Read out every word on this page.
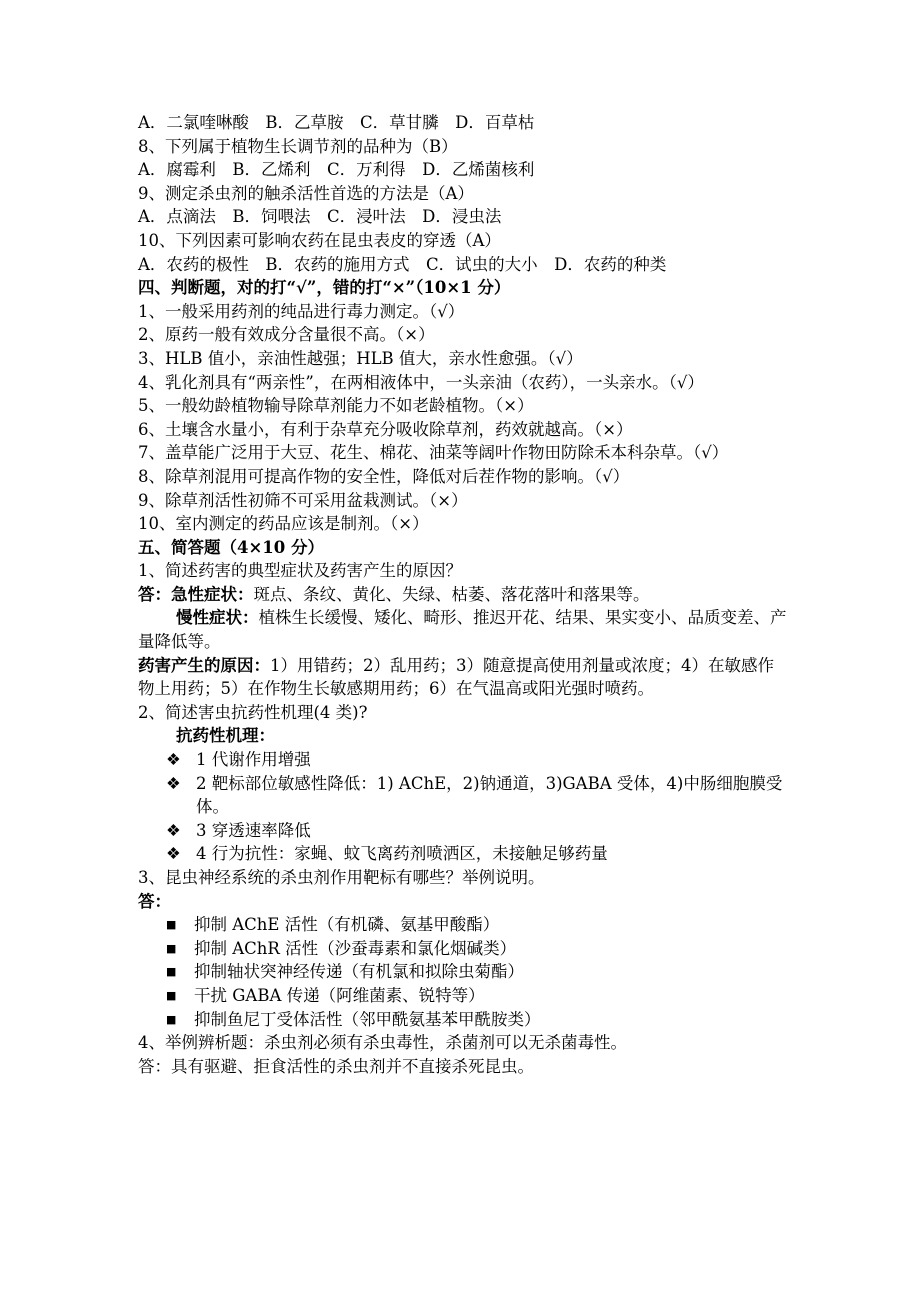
A．二氯喹啉酸　B．乙草胺　C．草甘膦　D．百草枯
8、下列属于植物生长调节剂的品种为（B）
A．腐霉利　B．乙烯利　C．万利得　D．乙烯菌核利
9、测定杀虫剂的触杀活性首选的方法是（A）
A．点滴法　B．饲喂法　C．浸叶法　D．浸虫法
10、下列因素可影响农药在昆虫表皮的穿透（A）
A．农药的极性　B．农药的施用方式　C．试虫的大小　D．农药的种类
四、判断题，对的打“√”，错的打“×”（10×1 分）
1、一般采用药剂的纯品进行毒力测定。（√）
2、原药一般有效成分含量很不高。（×）
3、HLB 值小，亲油性越强；HLB 值大，亲水性愈强。（√）
4、乳化剂具有“两亲性”，在两相液体中，一头亲油（农药），一头亲水。（√）
5、一般幼龄植物输导除草剂能力不如老龄植物。（×）
6、土壤含水量小，有利于杂草充分吸收除草剂，药效就越高。（×）
7、盖草能广泛用于大豆、花生、棉花、油菜等阔叶作物田防除禾本科杂草。（√）
8、除草剂混用可提高作物的安全性，降低对后茬作物的影响。（√）
9、除草剂活性初筛不可采用盆栽测试。（×）
10、室内测定的药品应该是制剂。（×）
五、简答题（4×10 分）
1、简述药害的典型症状及药害产生的原因？
答：急性症状：斑点、条纹、黄化、失绿、枯萎、落花落叶和落果等。
慢性症状：植株生长缓慢、矮化、畸形、推迟开花、结果、果实变小、品质变差、产量降低等。
药害产生的原因：1）用错药；2）乱用药；3）随意提高使用剂量或浓度；4）在敏感作物上用药；5）在作物生长敏感期用药；6）在气温高或阳光强时喷药。
2、简述害虫抗药性机理(4 类)?
抗药性机理：
❖ 1 代谢作用增强
❖ 2 靶标部位敏感性降低：1) AChE，2)钠通道，3)GABA 受体，4)中肠细胞膜受体。
❖ 3 穿透速率降低
❖ 4 行为抗性：家蝇、蚊飞离药剂喷洒区，未接触足够药量
3、昆虫神经系统的杀虫剂作用靶标有哪些？举例说明。
答：
■	抑制 AChE 活性（有机磷、氨基甲酸酯）
■	抑制 AChR 活性（沙蚕毒素和氯化烟碱类）
■	抑制轴状突神经传递（有机氯和拟除虫菊酯）
■	干扰 GABA 传递（阿维菌素、锐特等）
■	抑制鱼尼丁受体活性（邻甲酰氨基苯甲酰胺类）
4、举例辨析题：杀虫剂必须有杀虫毒性，杀菌剂可以无杀菌毒性。
答：具有驱避、拒食活性的杀虫剂并不直接杀死昆虫。
